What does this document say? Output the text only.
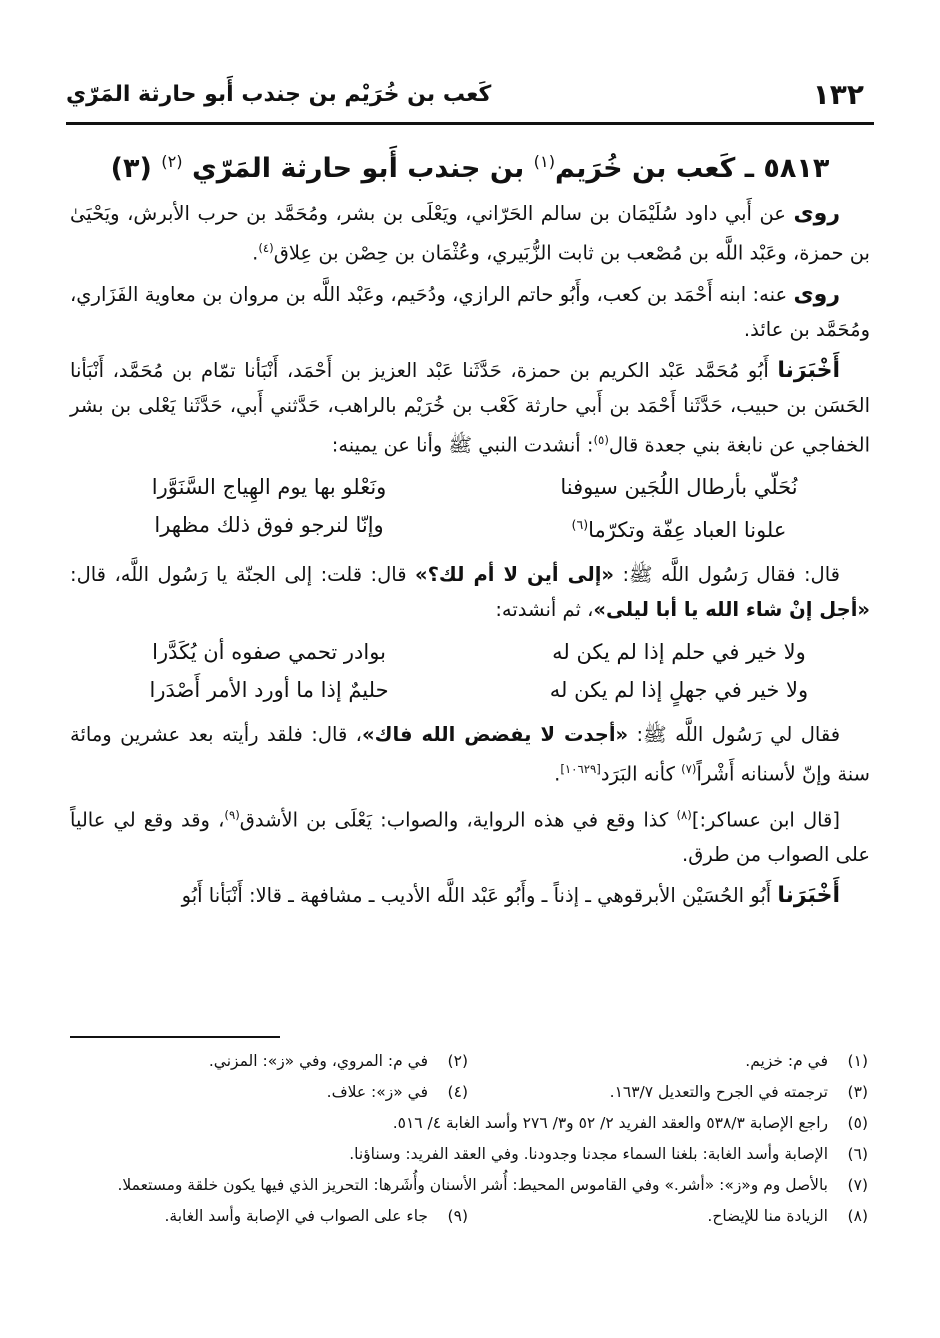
١٣٢
كَعب بن خُرَيْم بن جندب أَبو حارثة المَرّي
٥٨١٣ ـ كَعب بن خُرَيم$^{(١)}$ بن جندب أَبو حارثة المَرّي $^{(٢)}$ (٣)

روى عن أَبي داود سُلَيْمَان بن سالم الحَرّاني، ويَعْلَى بن بشر، ومُحَمَّد بن حرب الأبرش، ويَحْيَىٰ بن حمزة، وعَبْد اللَّه بن مُصْعب بن ثابت الزُّبَيري، وعُثْمَان بن حِصْن بن عِلاق$^{(٤)}$.

روى عنه: ابنه أَحْمَد بن كعب، وأَبُو حاتم الرازي، ودُحَيم، وعَبْد اللَّه بن مروان بن معاوية الفَزَاري، ومُحَمَّد بن عائذ.

أَخْبَرَنا أَبُو مُحَمَّد عَبْد الكريم بن حمزة، حَدَّثَنا عَبْد العزيز بن أَحْمَد، أَنْبَأنا تمّام بن مُحَمَّد، أَنْبَأنا الحَسَن بن حبيب، حَدَّثَنا أَحْمَد بن أَبي حارثة كَعْب بن خُرَيْم بالراهب، حَدَّثني أَبي، حَدَّثَنا يَعْلى بن بشر الخفاجي عن نابغة بني جعدة قال$^{(٥)}$: أنشدت النبي ﷺ وأنا عن يمينه:

نُحَلّي بأرطال اللُجَين سيوفنا
ونَعْلو بها يوم الهِياج السَّنَوَّرا
علونا العباد عِفّة وتكرّما$^{(٦)}$
وإنّا لنرجو فوق ذلك مظهرا

قال: فقال رَسُول اللَّه ﷺ: «إلى أين لا أم لك؟» قال: قلت: إلى الجنّة يا رَسُول اللَّه، قال: «أجل إنْ شاء الله يا أبا ليلى»، ثم أنشدته:

ولا خير في حلم إذا لم يكن له
بوادر تحمي صفوه أن يُكَدَّرا
ولا خير في جهلٍ إذا لم يكن له
حليمٌ إذا ما أورد الأمر أَصْدَرا

فقال لي رَسُول اللَّه ﷺ: «أجدت لا يفضض الله فاك»، قال: فلقد رأيته بعد عشرين ومائة سنة وإنّ لأسنانه أَشْراً$^{(٧)}$ كأنه البَرَد[١٠٦٢٩].

[قال ابن عساكر:]$^{(٨)}$ كذا وقع في هذه الرواية، والصواب: يَعْلَى بن الأشدق$^{(٩)}$، وقد وقع لي عالياً على الصواب من طرق.

أَخْبَرَنا أَبُو الحُسَيْن الأبرقوهي ـ إذناً ـ وأَبُو عَبْد اللَّه الأديب ـ مشافهة ـ قالا: أَنْبَأنا أَبُو

(١)
في م: خزيم.
(٢)
في م: المروي، وفي «ز»: المزني.
(٣)
ترجمته في الجرح والتعديل ١٦٣/٧.
(٤)
في «ز»: علاف.
(٥)
راجع الإصابة ٥٣٨/٣ والعقد الفريد ٢/ ٥٢ و٣/ ٢٧٦ وأسد الغابة ٤/ ٥١٦.
(٦)
الإصابة وأسد الغابة: بلغنا السماء مجدنا وجدودنا. وفي العقد الفريد: وسناؤنا.
(٧)
بالأصل وم و«ز»: «أشر.» وفي القاموس المحيط: أُشر الأسنان وأُشَرها: التحريز الذي فيها يكون خلقة ومستعملا.
(٨)
الزيادة منا للإيضاح.
(٩)
جاء على الصواب في الإصابة وأسد الغابة.
